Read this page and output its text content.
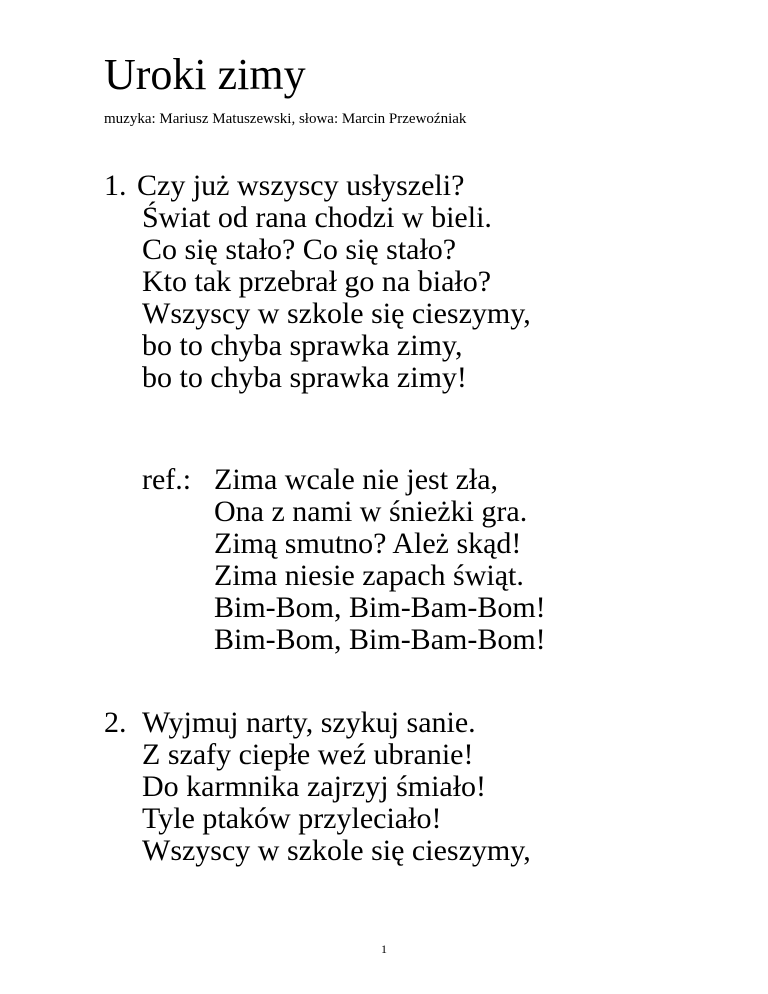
Uroki zimy
muzyka: Mariusz Matuszewski, słowa: Marcin Przewoźniak
1. Czy już wszyscy usłyszeli?
Świat od rana chodzi w bieli.
Co się stało? Co się stało?
Kto tak przebrał go na biało?
Wszyscy w szkole się cieszymy,
bo to chyba sprawka zimy,
bo to chyba sprawka zimy!
ref.: Zima wcale nie jest zła,
Ona z nami w śnieżki gra.
Zimą smutno? Ależ skąd!
Zima niesie zapach świąt.
Bim-Bom, Bim-Bam-Bom!
Bim-Bom, Bim-Bam-Bom!
2. Wyjmuj narty, szykuj sanie.
Z szafy ciepłe weź ubranie!
Do karmnika zajrzyj śmiało!
Tyle ptaków przyleciało!
Wszyscy w szkole się cieszymy,
1
